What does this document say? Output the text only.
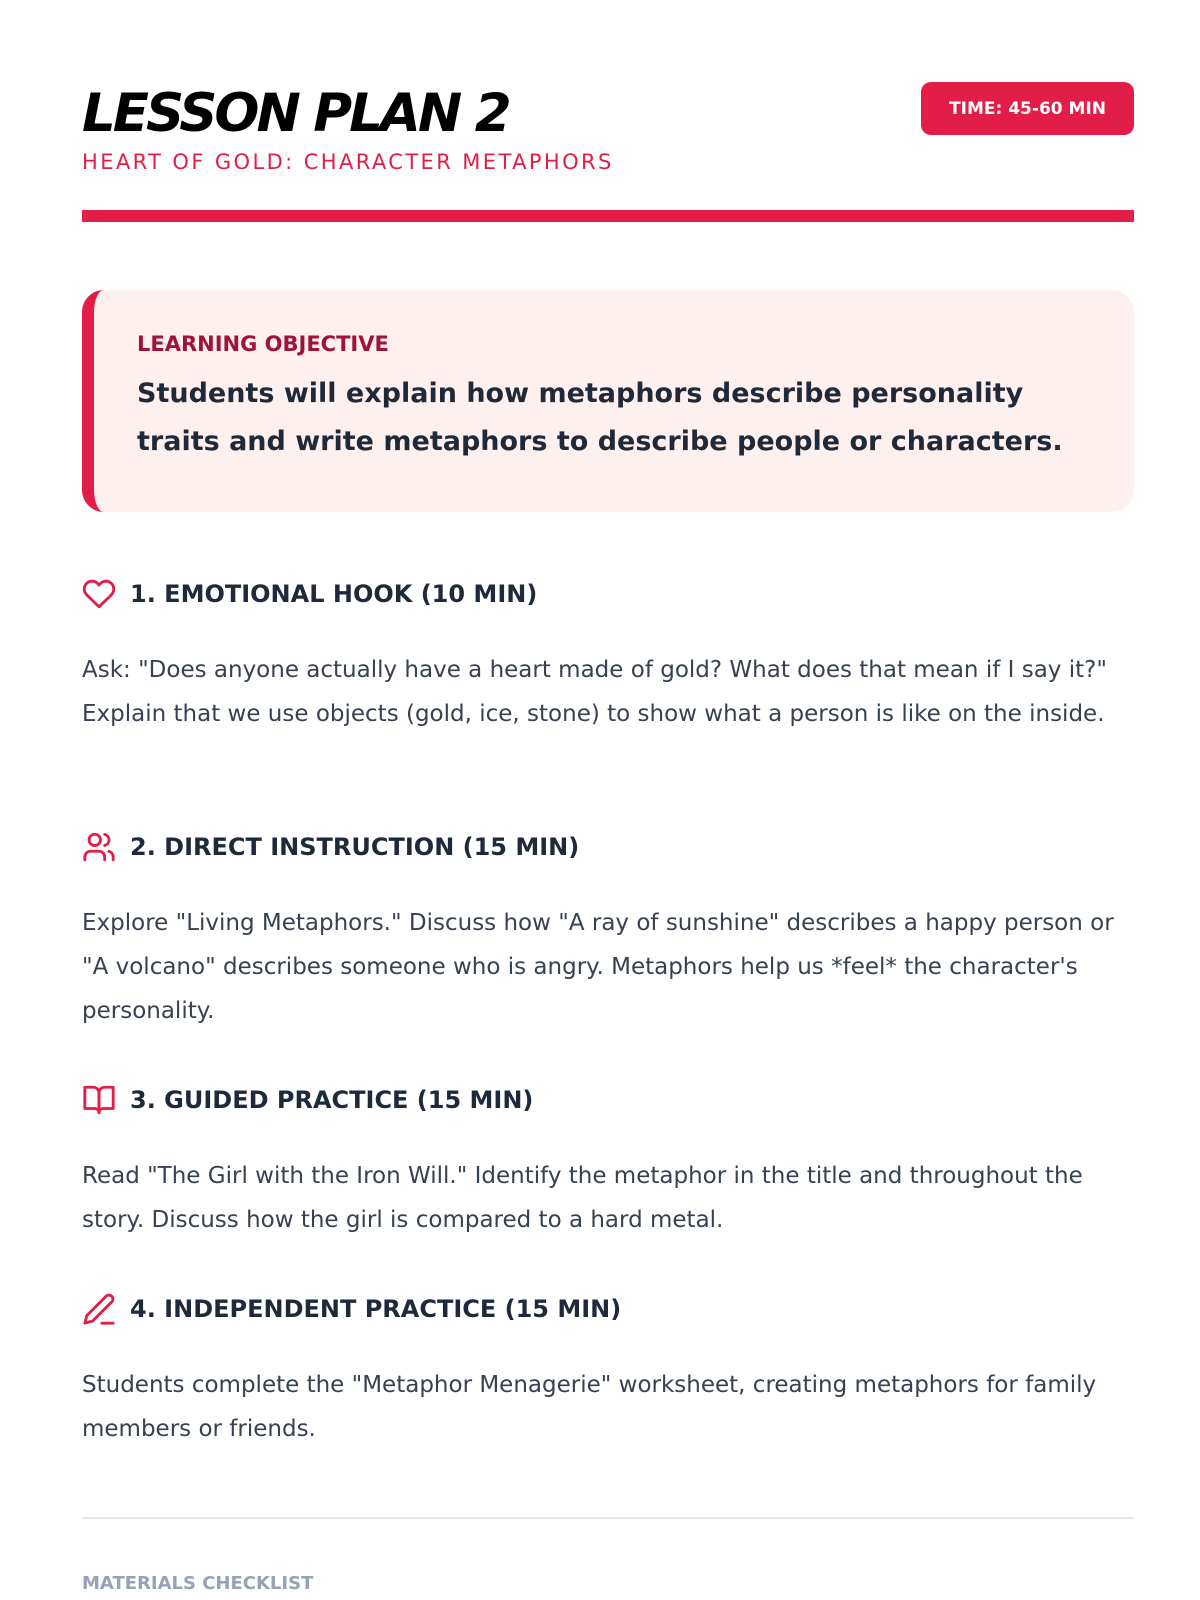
LESSON PLAN 2
HEART OF GOLD: CHARACTER METAPHORS
TIME: 45-60 MIN
LEARNING OBJECTIVE
Students will explain how metaphors describe personality traits and write metaphors to describe people or characters.
1. EMOTIONAL HOOK (10 MIN)
Ask: "Does anyone actually have a heart made of gold? What does that mean if I say it?" Explain that we use objects (gold, ice, stone) to show what a person is like on the inside.
2. DIRECT INSTRUCTION (15 MIN)
Explore "Living Metaphors." Discuss how "A ray of sunshine" describes a happy person or "A volcano" describes someone who is angry. Metaphors help us *feel* the character's personality.
3. GUIDED PRACTICE (15 MIN)
Read "The Girl with the Iron Will." Identify the metaphor in the title and throughout the story. Discuss how the girl is compared to a hard metal.
4. INDEPENDENT PRACTICE (15 MIN)
Students complete the "Metaphor Menagerie" worksheet, creating metaphors for family members or friends.
MATERIALS CHECKLIST
